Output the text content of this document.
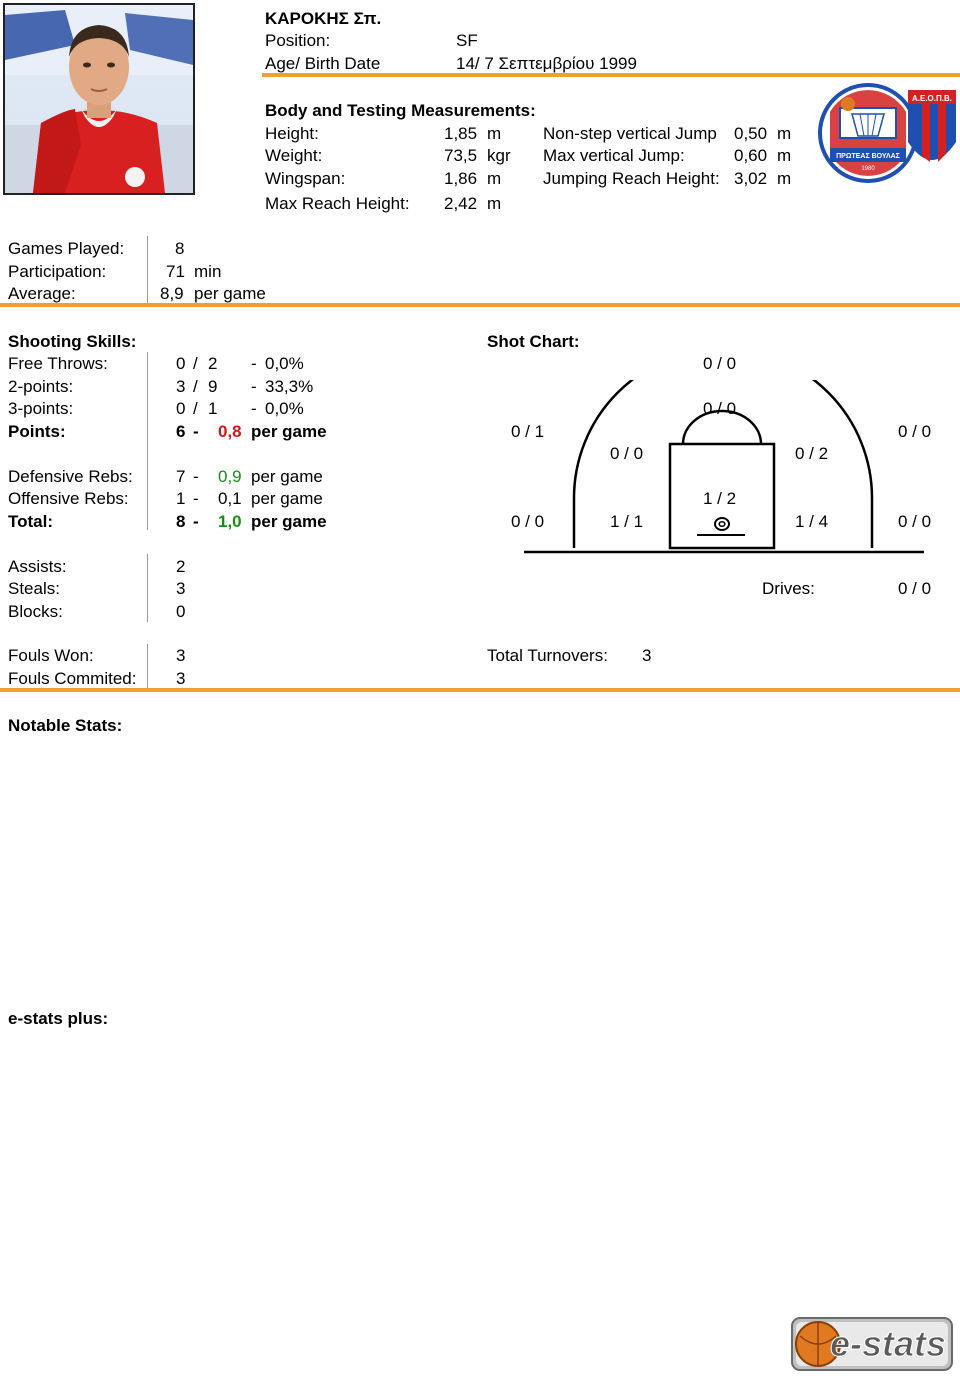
ΚΑΡΟΚΗΣ Σπ.
Position:	SF
Age/ Birth Date	14/ 7 Σεπτεμβρίου 1999
Body and Testing Measurements:
Height:	1,85 m
Weight:	73,5 kgr
Wingspan:	1,86 m
Max Reach Height: 2,42 m
Non-step vertical Jump 0,50 m
Max vertical Jump:	0,60 m
Jumping Reach Height: 3,02 m
ΠΡΩΤΕΑΣ ΒΟΥΛΑΣ
1980
Α.Ε.Ο.Π.Β.
Games Played:	8
Participation:	71 min
Average:	8,9 per game
Shooting Skills:
Free Throws:	0 / 2 - 0,0%
2-points:	3 / 9 - 33,3%
3-points:	0 / 1 - 0,0%
Points:	6 - 0,8 per game
Defensive Rebs:	7 - 0,9 per game
Offensive Rebs:	1 - 0,1 per game
Total:	8 - 1,0 per game
Assists:	2
Steals:	3
Blocks:	0
Fouls Won:	3
Fouls Commited: 3
Total Turnovers: 3
Shot Chart:
0 / 0
0 / 0
0 / 1	0 / 0
0 / 0	0 / 2
1 / 2
0 / 0	1 / 1	1 / 4	0 / 0
Drives:	0 / 0
Notable Stats:
e-stats plus:
e-stats
